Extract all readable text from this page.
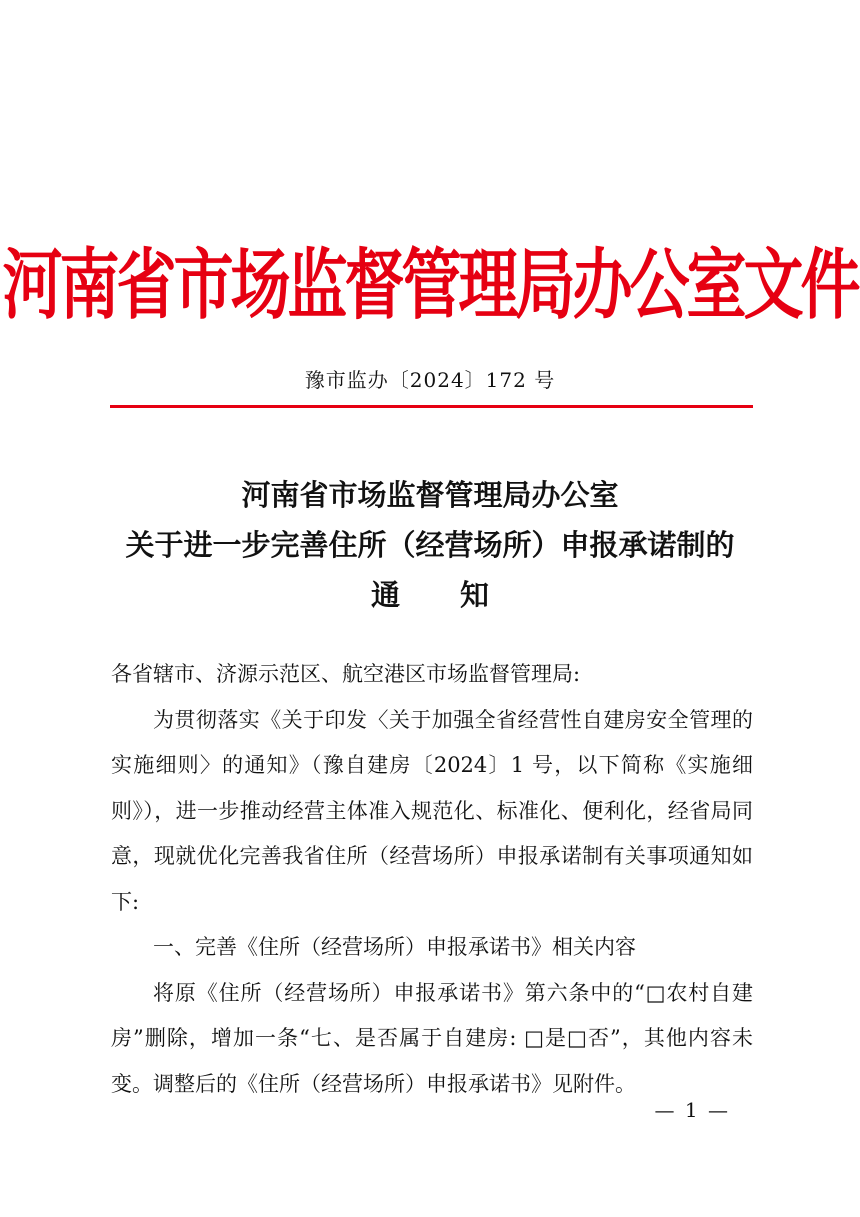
河南省市场监督管理局办公室文件
豫市监办〔2024〕172 号
河南省市场监督管理局办公室
关于进一步完善住所（经营场所）申报承诺制的
通知

各省辖市、济源示范区、航空港区市场监督管理局:

为贯彻落实《关于印发〈关于加强全省经营性自建房安全管理的实施细则〉的通知》（豫自建房〔2024〕1 号，以下简称《实施细则》），进一步推动经营主体准入规范化、标准化、便利化，经省局同意，现就优化完善我省住所（经营场所）申报承诺制有关事项通知如下:

一、完善《住所（经营场所）申报承诺书》相关内容

将原《住所（经营场所）申报承诺书》第六条中的“□农村自建房”删除，增加一条“七、是否属于自建房: □是□否”，其他内容未变。调整后的《住所（经营场所）申报承诺书》见附件。

— 1 —
